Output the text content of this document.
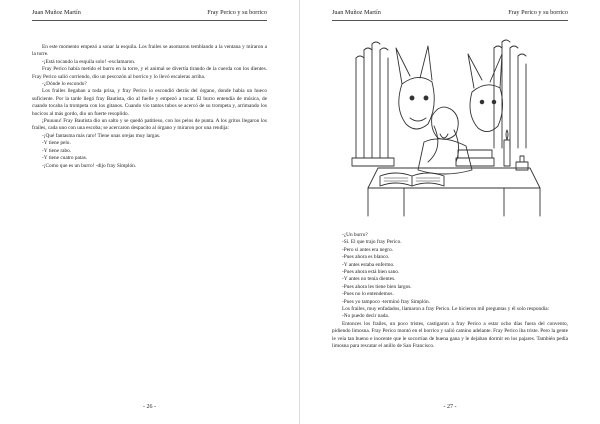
Juan Muñoz Martín	Fray Perico y su borrico

En este momento empezó a sonar la esquila. Los frailes se asomaron temblando a la ventana y miraron a la torre.

-¡Está tocando la esquila solo! -exclamaron.

Fray Perico había metido el burro en la torre, y el animal se divertía tirando de la cuerda con los dientes. Fray Perico salió corriendo, dio un pescozón al borrico y lo llevó escaleras arriba.

-¿Dónde lo escondo?

Los frailes llegaban a toda prisa, y fray Perico lo escondió detrás del órgano, donde había un hueco suficiente. Por la tarde llegó fray Bautista, dio al fuelle y empezó a tocar. El burro entendía de música, de cuando tocaba la trompeta con los gitanos. Cuando vio tantos tubos se acercó de su trompeta y, arrimando los hocicos al más gordo, dio un fuerte resoplido.

¡Puuuuu! Fray Bautista dio un salto y se quedó patitieso, con los pelos de punta. A los gritos llegaron los frailes, cada uno con una escoba; se acercaron despacito al órgano y miraron por una rendija:

-¡Qué fantasma más raro! Tiene unas orejas muy largas.

-Y tiene pelo.

-Y tiene rabo.

-Y tiene cuatro patas.

-¡Como que es un burro! -dijo fray Simplón.

- 26 -
Juan Muñoz Martín	Fray Perico y su borrico

-¿Un burro?

-Sí. El que trajo fray Perico.

-Pero si antes era negro.

-Pues ahora es blanco.

-Y antes estaba enfermo.

-Pues ahora está bien sano.

-Y antes no tenía dientes.

-Pues ahora les tiene bien largos.

-Pues no lo entendemos.

-Pues yo tampoco -terminó fray Simplón.

Los frailes, muy enfadados, llamaron a fray Perico. Le hicieron mil preguntas y él solo respondía:

-No puedo decir nada.

Entonces los frailes, un poco tristes, castigaron a fray Perico a estar ocho días fuera del convento, pidiendo limosna. Fray Perico montó en el borrico y salió camino adelante. Fray Perico iba triste. Pero la gente le veía tan bueno e inocente que le socorrían de buena gana y le dejaban dormir en los pajares. También pedía limosna para rescatar el anillo de San Francisco.

- 27 -
